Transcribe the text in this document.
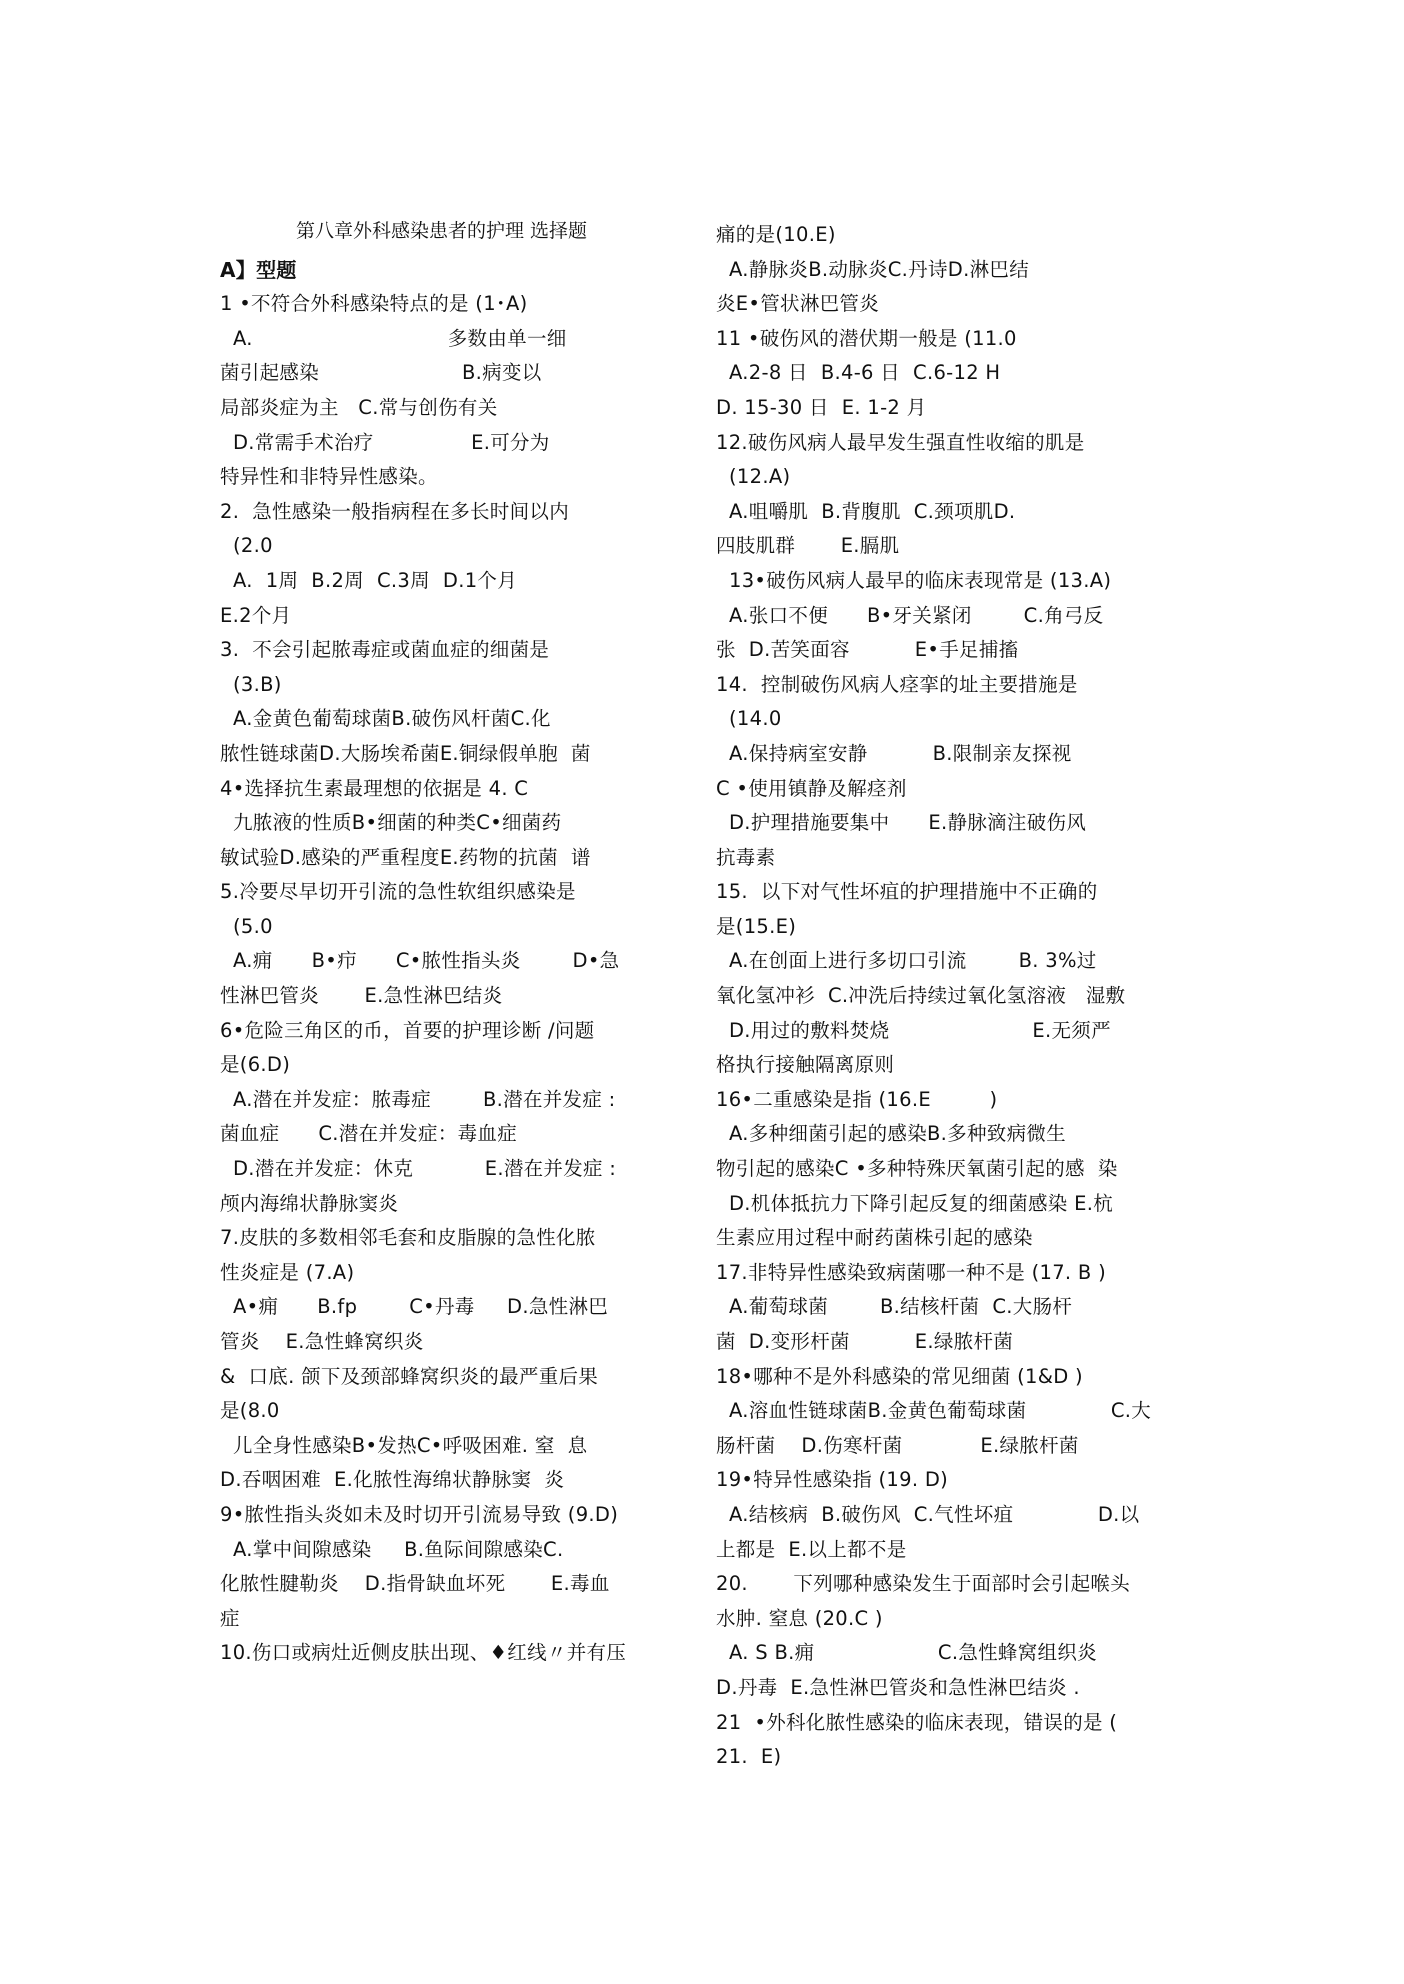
第八章外科感染患者的护理 选择题
A】型题
1 •不符合外科感染特点的是 (1･A)
A.                              多数由单一细
菌引起感染                      B.病变以
局部炎症为主   C.常与创伤有关
D.常需手术治疗               E.可分为
特异性和非特异性感染。
2.  急性感染一般指病程在多长时间以内
(2.0
A.  1周  B.2周  C.3周  D.1个月
E.2个月
3.  不会引起脓毒症或菌血症的细菌是
(3.B)
A.金黄色葡萄球菌B.破伤风杆菌C.化
脓性链球菌D.大肠埃希菌E.铜绿假单胞  菌
4•选择抗生素最理想的依据是 4. C
九脓液的性质B•细菌的种类C•细菌药
敏试验D.感染的严重程度E.药物的抗菌  谱
5.冷要尽早切开引流的急性软组织感染是
(5.0
A.痈      B•疖      C•脓性指头炎        D•急
性淋巴管炎       E.急性淋巴结炎
6•危险三角区的币，首要的护理诊断 /问题
是(6.D)
A.潜在并发症：脓毒症        B.潜在并发症 :
菌血症      C.潜在并发症：毒血症
D.潜在并发症：休克           E.潜在并发症 :
颅内海绵状静脉窦炎
7.皮肤的多数相邻毛套和皮脂腺的急性化脓
性炎症是 (7.A)
A•痈      B.fp        C•丹毒     D.急性淋巴
管炎    E.急性蜂窝织炎
&  口底. 颌下及颈部蜂窝织炎的最严重后果
是(8.0
儿全身性感染B•发热C•呼吸困难. 窒  息
D.吞咽困难  E.化脓性海绵状静脉窦  炎
9•脓性指头炎如未及时切开引流易导致 (9.D)
A.掌中间隙感染     B.鱼际间隙感染C.
化脓性腱勒炎    D.指骨缺血坏死       E.毒血
症
10.伤口或病灶近侧皮肤出现、♦红线〃并有压
痛的是(10.E)
A.静脉炎B.动脉炎C.丹诗D.淋巴结
炎E•管状淋巴管炎
11 •破伤风的潜伏期一般是 (11.0
A.2-8 日  B.4-6 日  C.6-12 H
D. 15-30 日  E. 1-2 月
12.破伤风病人最早发生强直性收缩的肌是
(12.A)
A.咀嚼肌  B.背腹肌  C.颈项肌D.
四肢肌群       E.膈肌
13•破伤风病人最早的临床表现常是 (13.A)
A.张口不便      B•牙关紧闭        C.角弓反
张  D.苦笑面容          E•手足捕搐
14.  控制破伤风病人痉挛的址主要措施是
(14.0
A.保持病室安静          B.限制亲友探视
C •使用镇静及解痉剂
D.护理措施要集中      E.静脉滴注破伤风
抗毒素
15.  以下对气性坏疽的护理措施中不正确的
是(15.E)
A.在创面上进行多切口引流        B. 3%过
氧化氢冲衫  C.冲洗后持续过氧化氢溶液   湿敷
D.用过的敷料焚烧                      E.无须严
格执行接触隔离原则
16•二重感染是指 (16.E         )
A.多种细菌引起的感染B.多种致病微生
物引起的感染C •多种特殊厌氧菌引起的感  染
D.机体抵抗力下降引起反复的细菌感染 E.杭
生素应用过程中耐药菌株引起的感染
17.非特异性感染致病菌哪一种不是 (17. B )
A.葡萄球菌        B.结核杆菌  C.大肠杆
菌  D.变形杆菌          E.绿脓杆菌
18•哪种不是外科感染的常见细菌 (1&D )
A.溶血性链球菌B.金黄色葡萄球菌             C.大
肠杆菌    D.伤寒杆菌            E.绿脓杆菌
19•特异性感染指 (19. D)
A.结核病  B.破伤风  C.气性坏疽             D.以
上都是  E.以上都不是
20.       下列哪种感染发生于面部时会引起喉头
水肿. 窒息 (20.C )
A. S B.痈                   C.急性蜂窝组织炎
D.丹毒  E.急性淋巴管炎和急性淋巴结炎 .
21  •外科化脓性感染的临床表现，错误的是 (
21.  E)
